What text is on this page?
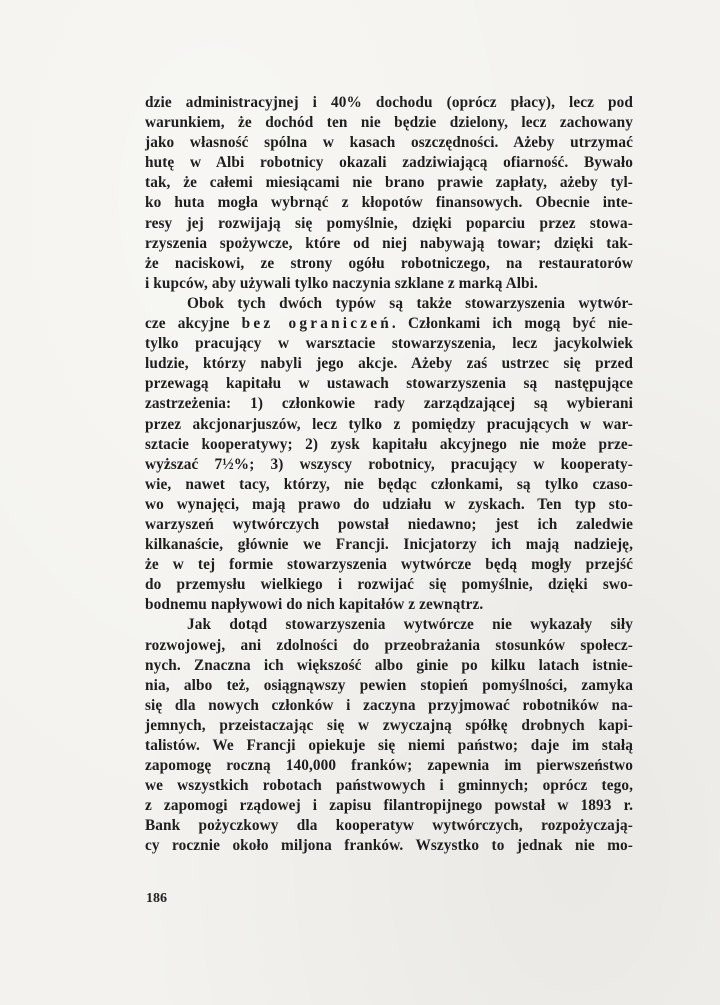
dzie administracyjnej i 40% dochodu (oprócz płacy), lecz pod
warunkiem, że dochód ten nie będzie dzielony, lecz zachowany
jako własność spólna w kasach oszczędności. Ażeby utrzymać
hutę w Albi robotnicy okazali zadziwiającą ofiarność. Bywało
tak, że całemi miesiącami nie brano prawie zapłaty, ażeby tyl-
ko huta mogła wybrnąć z kłopotów finansowych. Obecnie inte-
resy jej rozwijają się pomyślnie, dzięki poparciu przez stowa-
rzyszenia spożywcze, które od niej nabywają towar; dzięki tak-
że naciskowi, ze strony ogółu robotniczego, na restauratorów
i kupców, aby używali tylko naczynia szklane z marką Albi.

Obok tych dwóch typów są także stowarzyszenia wytwór-
cze akcyjne bez ograniczeń. Członkami ich mogą być nie-
tylko pracujący w warsztacie stowarzyszenia, lecz jacykolwiek
ludzie, którzy nabyli jego akcje. Ażeby zaś ustrzec się przed
przewagą kapitału w ustawach stowarzyszenia są następujące
zastrzeżenia: 1) członkowie rady zarządzającej są wybierani
przez akcjonarjuszów, lecz tylko z pomiędzy pracujących w war-
sztacie kooperatywy; 2) zysk kapitału akcyjnego nie może prze-
wyższać 7½%; 3) wszyscy robotnicy, pracujący w kooperaty-
wie, nawet tacy, którzy, nie będąc członkami, są tylko czaso-
wo wynajęci, mają prawo do udziału w zyskach. Ten typ sto-
warzyszeń wytwórczych powstał niedawno; jest ich zaledwie
kilkanaście, głównie we Francji. Inicjatorzy ich mają nadzieję,
że w tej formie stowarzyszenia wytwórcze będą mogły przejść
do przemysłu wielkiego i rozwijać się pomyślnie, dzięki swo-
bodnemu napływowi do nich kapitałów z zewnątrz.

Jak dotąd stowarzyszenia wytwórcze nie wykazały siły
rozwojowej, ani zdolności do przeobrażania stosunków społecz-
nych. Znaczna ich większość albo ginie po kilku latach istnie-
nia, albo też, osiągnąwszy pewien stopień pomyślności, zamyka
się dla nowych członków i zaczyna przyjmować robotników na-
jemnych, przeistaczając się w zwyczajną spółkę drobnych kapi-
talistów. We Francji opiekuje się niemi państwo; daje im stałą
zapomogę roczną 140,000 franków; zapewnia im pierwszeństwo
we wszystkich robotach państwowych i gminnych; oprócz tego,
z zapomogi rządowej i zapisu filantropijnego powstał w 1893 r.
Bank pożyczkowy dla kooperatyw wytwórczych, rozpożyczają-
cy rocznie około miljona franków. Wszystko to jednak nie mo-

186
